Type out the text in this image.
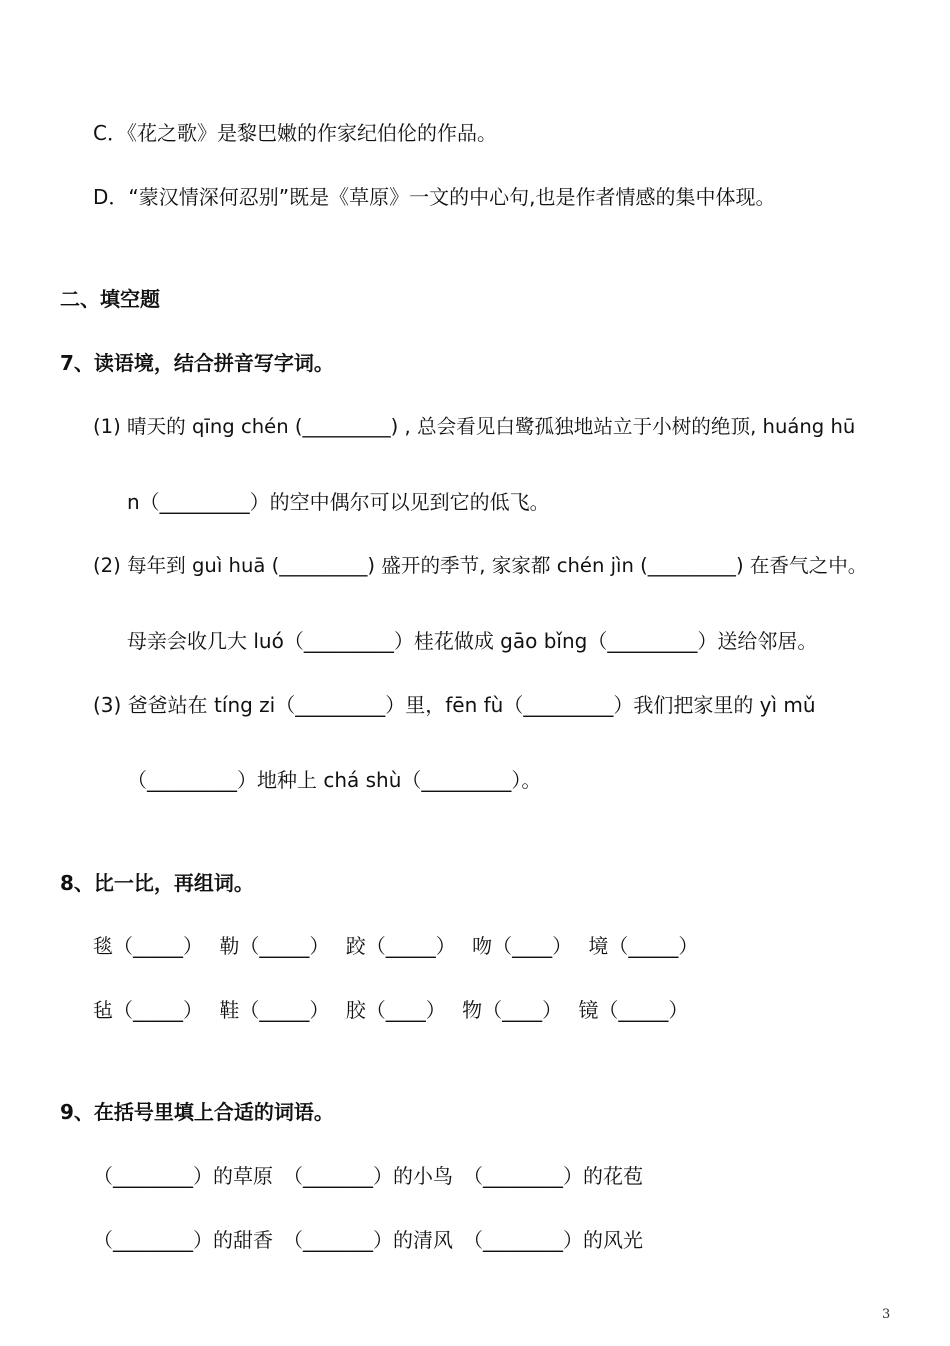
C．《花之歌》是黎巴嫩的作家纪伯伦的作品。
D．“蒙汉情深何忍别”既是《草原》一文的中心句,也是作者情感的集中体现。
二、填空题
7、读语境，结合拼音写字词。
(1) 晴天的 qīng chén (_________) , 总会看见白鹭孤独地站立于小树的绝顶, huáng hū
n（_________）的空中偶尔可以见到它的低飞。
(2) 每年到 guì huā (_________) 盛开的季节, 家家都 chén jìn (_________) 在香气之中。
母亲会收几大 luó（_________）桂花做成 gāo bǐng（_________）送给邻居。
(3) 爸爸站在 tíng zi（_________）里，fēn fù（_________）我们把家里的 yì mǔ
（_________）地种上 chá shù（_________）。
8、比一比，再组词。
毯（_____） 勒（_____） 跤（_____） 吻（____） 境（_____）
毡（_____） 鞋（_____） 胶（____） 物（____） 镜（_____）
9、在括号里填上合适的词语。
（________）的草原　（_______）的小鸟　（________）的花苞
（________）的甜香　（_______）的清风　（________）的风光
3
